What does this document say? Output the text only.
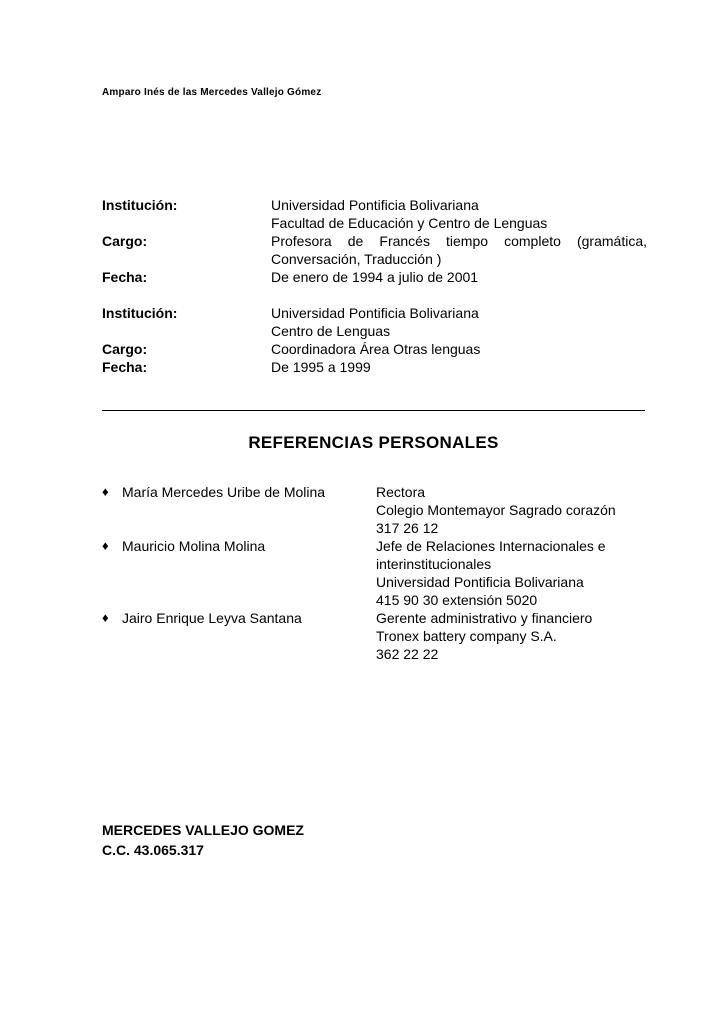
Amparo Inés de las Mercedes Vallejo Gómez
Institución:	Universidad Pontificia Bolivariana
Facultad de Educación y Centro de Lenguas
Cargo:	Profesora de Francés tiempo completo (gramática,
Conversación, Traducción )
Fecha:	De enero de 1994 a julio de 2001
Institución:	Universidad Pontificia Bolivariana
Centro de Lenguas
Cargo:	Coordinadora Área Otras lenguas
Fecha:	De 1995 a 1999
REFERENCIAS PERSONALES
♦ María Mercedes Uribe de Molina	Rectora
Colegio Montemayor Sagrado corazón
317 26 12
♦ Mauricio Molina Molina	Jefe de Relaciones Internacionales e
interinstitucionales
Universidad Pontificia Bolivariana
415 90 30 extensión 5020
♦ Jairo Enrique Leyva Santana	Gerente administrativo y financiero
Tronex battery company S.A.
362 22 22
MERCEDES VALLEJO GOMEZ
C.C. 43.065.317
